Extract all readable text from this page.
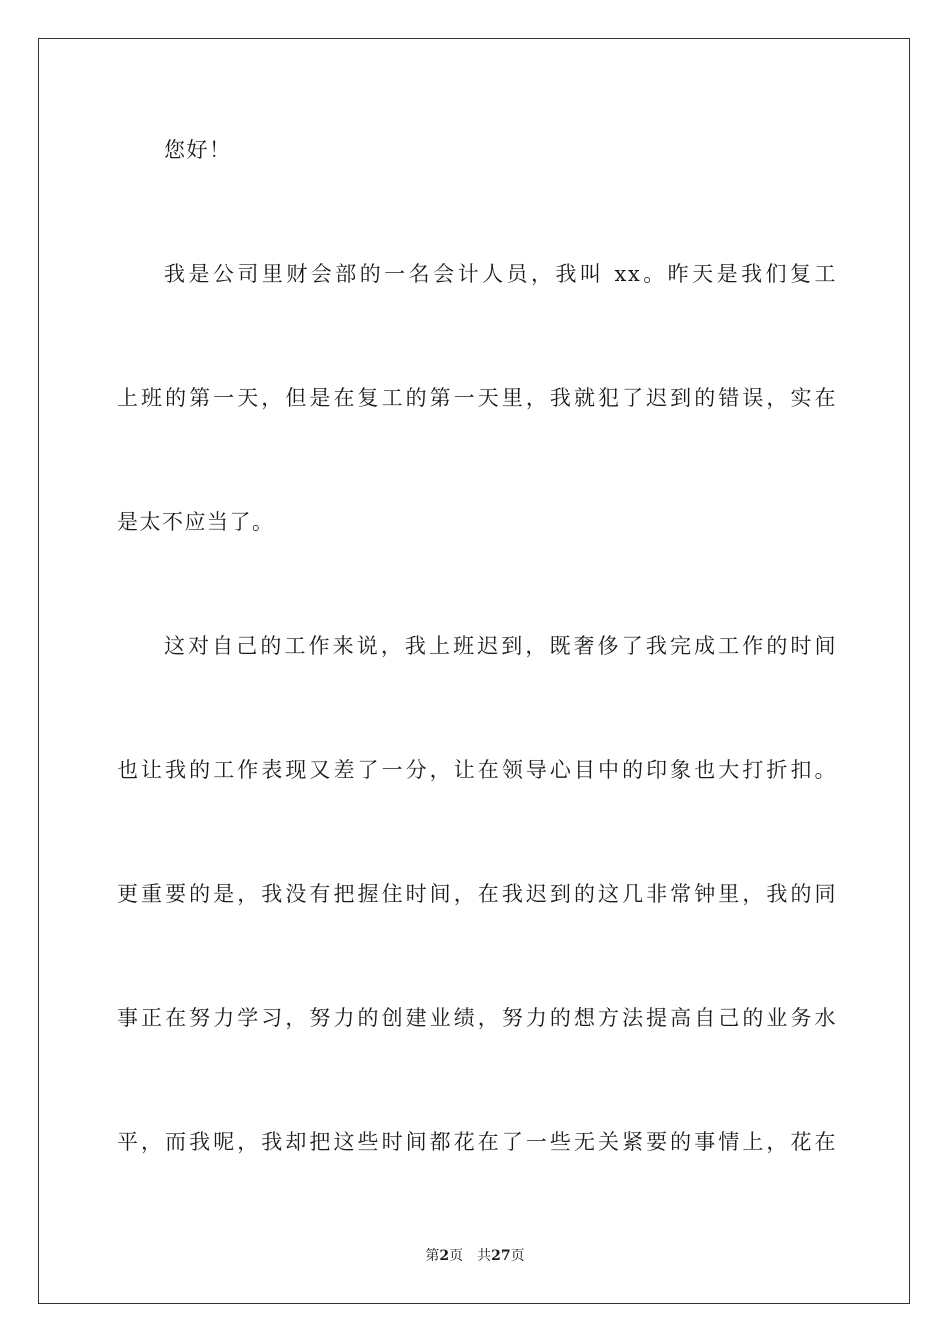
您好！
我是公司里财会部的一名会计人员，我叫 xx。昨天是我们复工
上班的第一天，但是在复工的第一天里，我就犯了迟到的错误，实在
是太不应当了。
这对自己的工作来说，我上班迟到，既奢侈了我完成工作的时间
也让我的工作表现又差了一分，让在领导心目中的印象也大打折扣。
更重要的是，我没有把握住时间，在我迟到的这几非常钟里，我的同
事正在努力学习，努力的创建业绩，努力的想方法提高自己的业务水
平，而我呢，我却把这些时间都花在了一些无关紧要的事情上，花在
第2页 共27页
